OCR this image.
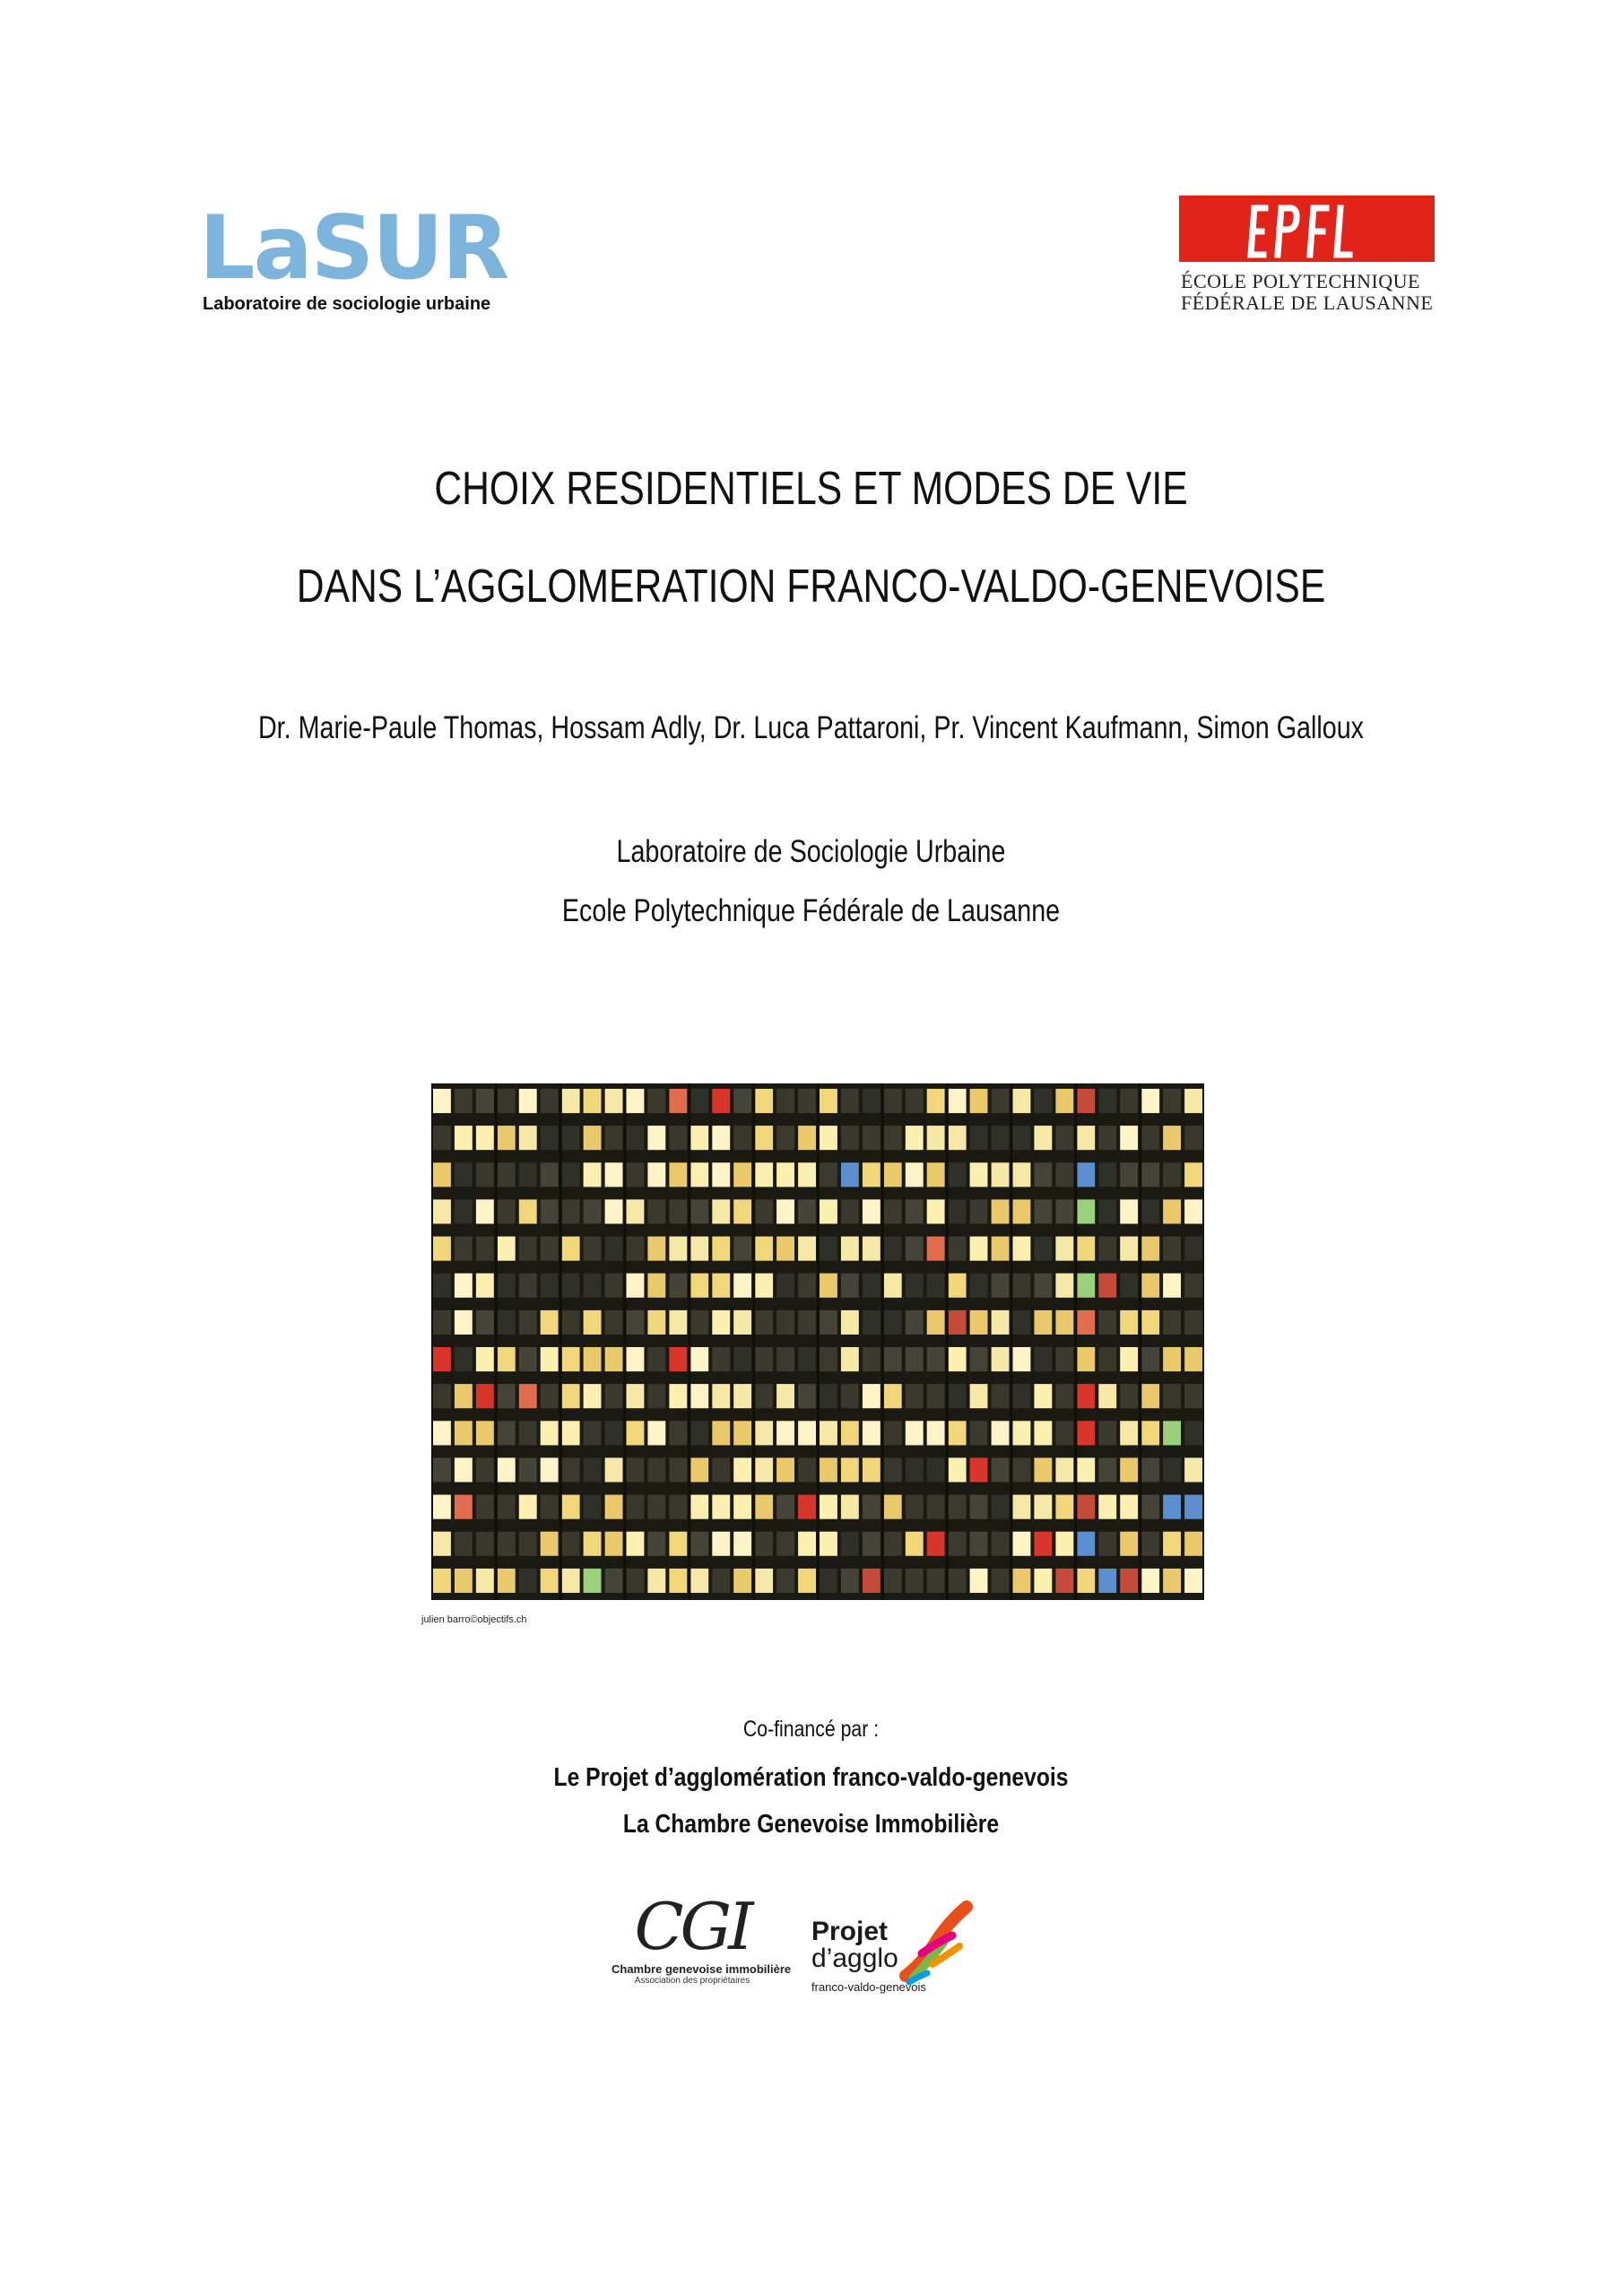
LaSUR
Laboratoire de sociologie urbaine
ÉCOLE POLYTECHNIQUE
FÉDÉRALE DE LAUSANNE
CHOIX RESIDENTIELS ET MODES DE VIE
DANS L’AGGLOMERATION FRANCO-VALDO-GENEVOISE
Dr. Marie-Paule Thomas, Hossam Adly, Dr. Luca Pattaroni, Pr. Vincent Kaufmann, Simon Galloux
Laboratoire de Sociologie Urbaine
Ecole Polytechnique Fédérale de Lausanne
julien barro©objectifs.ch
Co-financé par :
Le Projet d’agglomération franco-valdo-genevois
La Chambre Genevoise Immobilière
CGI
Chambre genevoise immobilière
Association des propriétaires
Projet
d’agglo
franco-valdo-genevois
